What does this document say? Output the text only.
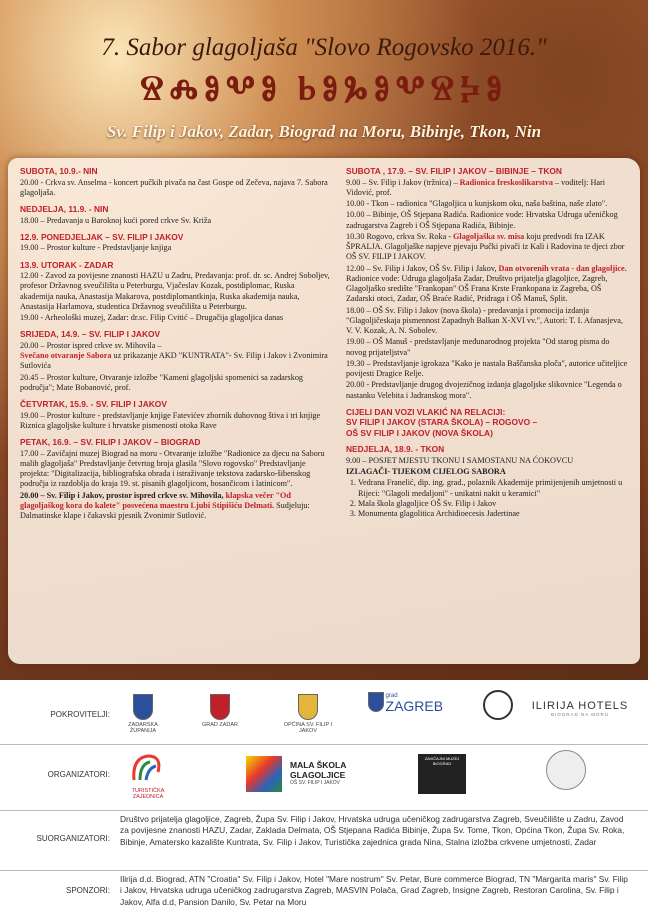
7. Sabor glagoljaša "Slovo Rogovsko 2016."
ⰔⰎⰑⰂⰑ ⰓⰑⰃⰑⰂⰔⰍⰑ
Sv. Filip i Jakov, Zadar, Biograd na Moru, Bibinje, Tkon, Nin
SUBOTA, 10.9.- NIN
20.00 - Crkva sv. Anselma - koncert pučkih pivača na čast Gospe od Zečeva, najava 7. Sabora glagoljaša.
NEDJELJA, 11.9. - NIN
18.00 – Predavanja u Baroknoj kući pored crkve Sv. Križa
12.9. PONEDJELJAK – SV. FILIP I JAKOV
19.00 – Prostor kulture - Predstavljanje knjiga
13.9. UTORAK - ZADAR
12.00 - Zavod za povijesne znanosti HAZU u Zadru, Predavanja: prof. dr. sc. Andrej Soboljev, profesor Državnog sveučilišta u Peterburgu, Vjačeslav Kozak, postdiplomac, Ruska akademija nauka, Anastasija Makarova, postdiplomantkinja, Ruska akademija nauka, Anastasija Harlamova, studentica Državnog sveučilišta u Peterburgu.
19.00 - Arheološki muzej, Zadar: dr.sc. Filip Cvitić – Drugačija glagoljica danas
SRIJEDA, 14.9. – SV. FILIP I JAKOV
20.00 – Prostor ispred crkve sv. Mihovila –
Svečano otvaranje Sabora uz prikazanje AKD "KUNTRATA"- Sv. Filip i Jakov i Zvonimira Sutlovića
20.45 – Prostor kulture, Otvaranje izložbe "Kameni glagoljski spomenici sa zadarskog područja"; Mate Bobanović, prof.
ČETVRTAK, 15.9. - SV. FILIP I JAKOV
19.00 – Prostor kulture - predstavljanje knjige Fatevićev zbornik duhovnog štiva i tri knjige Riznica glagoljske kulture i hrvatske pismenosti otoka Rave
PETAK, 16.9. – SV. FILIP I JAKOV – BIOGRAD
17.00 – Zavičajni muzej Biograd na moru - Otvaranje izložbe "Radionice za djecu na Saboru malih glagoljaša" Predstavljanje četvrtog broja glasila "Slovo rogovsko" Predstavljanje projekta: "Digitalizacija, bibliografska obrada i istraživanje tekstova zadarsko-šibenskog područja iz razdoblja do kraja 19. st. pisanih glagoljicom, bosančicom i latinicom".
20.00 – Sv. Filip i Jakov, prostor ispred crkve sv. Mihovila, klapska večer "Od glagoljaškog kora do kalete" posvećena maestru Ljubi Stipišiću Delmati. Sudjeluju: Dalmatinske klape i čakavski pjesnik Zvonimir Sutlović.
SUBOTA , 17.9. – SV. FILIP I JAKOV – BIBINJE – TKON
9.00 – Sv. Filip i Jakov (tržnica) – Radionica freskoslikarstva – voditelj: Hari Vidović, prof.
10.00 - Tkon – radionica "Glagoljica u kunjskom oku, naša baština, naše zlato".
10.00 – Bibinje, OŠ Stjepana Radića. Radionice vode: Hrvatska Udruga učeničkog zadrugarstva Zagreb i OŠ Stjepana Radića, Bibinje.
10.30 Rogovo, crkva Sv. Roka - Glagoljaška sv. misa koju predvodi fra IZAK ŠPRALJA. Glagoljaške napjeve pjevaju Pučki pivači iz Kali i Radovina te djeci zbor OŠ SV. FILIP I JAKOV.
12.00 – Sv. Filip i Jakov, OŠ Sv. Filip i Jakov, Dan otvorenih vrata - dan glagoljice. Radionice vode: Udruga glagoljaša Zadar, Društvo prijatelja glagoljice, Zagreb, Glagoljaško središte "Frankopan" OŠ Frana Krste Frankopana iz Zagreba, OŠ Zadarski otoci, Zadar, OŠ Braće Radić, Pridraga i OŠ Manuš, Split.
18.00 – OŠ Sv. Filip i Jakov (nova škola) - predavanja i promocija izdanja "Glagoljičeskaja pismennost Zapadnyh Balkan X-XVI vv.", Autori: T. I. Afanasjeva, V. V. Kozak, A. N. Sobolev.
19.00 – OŠ Manuš - predstavljanje međunarodnog projekta "Od starog pisma do novog prijateljstva"
19.30 – Predstavljanje igrokaza "Kako je nastala Baščanska ploča", autorice učiteljice povijesti Dragice Relje.
20.00 - Predstavljanje drugog dvojezičnog izdanja glagoljske slikovnice "Legenda o nastanku Velebita i Jadranskog mora".
CIJELI DAN VOZI VLAKIĆ NA RELACIJI:
SV FILIP I JAKOV (STARA ŠKOLA) – ROGOVO –
OŠ SV FILIP I JAKOV (NOVA ŠKOLA)
NEDJELJA, 18.9. - TKON
9.00 – POSJET MJESTU TKONU I SAMOSTANU NA ĆOKOVCU
IZLAGAČI- TIJEKOM CIJELOG SABORA
1. Vedrana Franelić, dip. ing. grad., polaznik Akademije primijenjenih umjetnosti u Rijeci: "Glagoli medaljoni" - unikatni nakit u keramici"
2. Mala škola glagoljice OŠ Sv. Filip i Jakov
3. Monumenta glagolitica Archidioecesis Jadertinae
POKROVITELJI:
ZADARSKA ŽUPANIJA
GRAD ZADAR	OPĆINA SV. FILIP I JAKOV

grad
ZAGREB	ILIRIJA HOTELS
BIOGRAD NA MORU
ORGANIZATORI:
TURISTIČKA ZAJEDNICA
MALA ŠKOLA
GLAGOLJICE
OŠ SV. FILIP I JAKOV
ZAVIČAJNI MUZEJ BIOGRAD
SUORGANIZATORI:
Društvo prijatelja glagoljice, Zagreb, Župa Sv. Filip i Jakov, Hrvatska udruga učeničkog zadrugarstva Zagreb, Sveučilište u Zadru, Zavod za povijesne znanosti HAZU, Zadar, Zaklada Delmata, OŠ Stjepana Radića Bibinje, Župa Sv. Tome, Tkon, Općina Tkon, Župa Sv. Roka, Bibinje, Amatersko kazalište Kuntrata, Sv. Filip i Jakov, Turistička zajednica grada Nina, Stalna izložba crkvene umjetnosti, Zadar
SPONZORI:
Ilirija d.d. Biograd, ATN "Croatia" Sv. Filip i Jakov, Hotel "Mare nostrum" Sv. Petar, Bure commerce Biograd, TN "Margarita maris" Sv. Filip i Jakov, Hrvatska udruga učeničkog zadrugarstva Zagreb, MASVIN Polača, Grad Zagreb, Insigne Zagreb, Restoran Carolina, Sv. Filip i Jakov, Alfa d.d, Pansion Danilo, Sv. Petar na Moru
